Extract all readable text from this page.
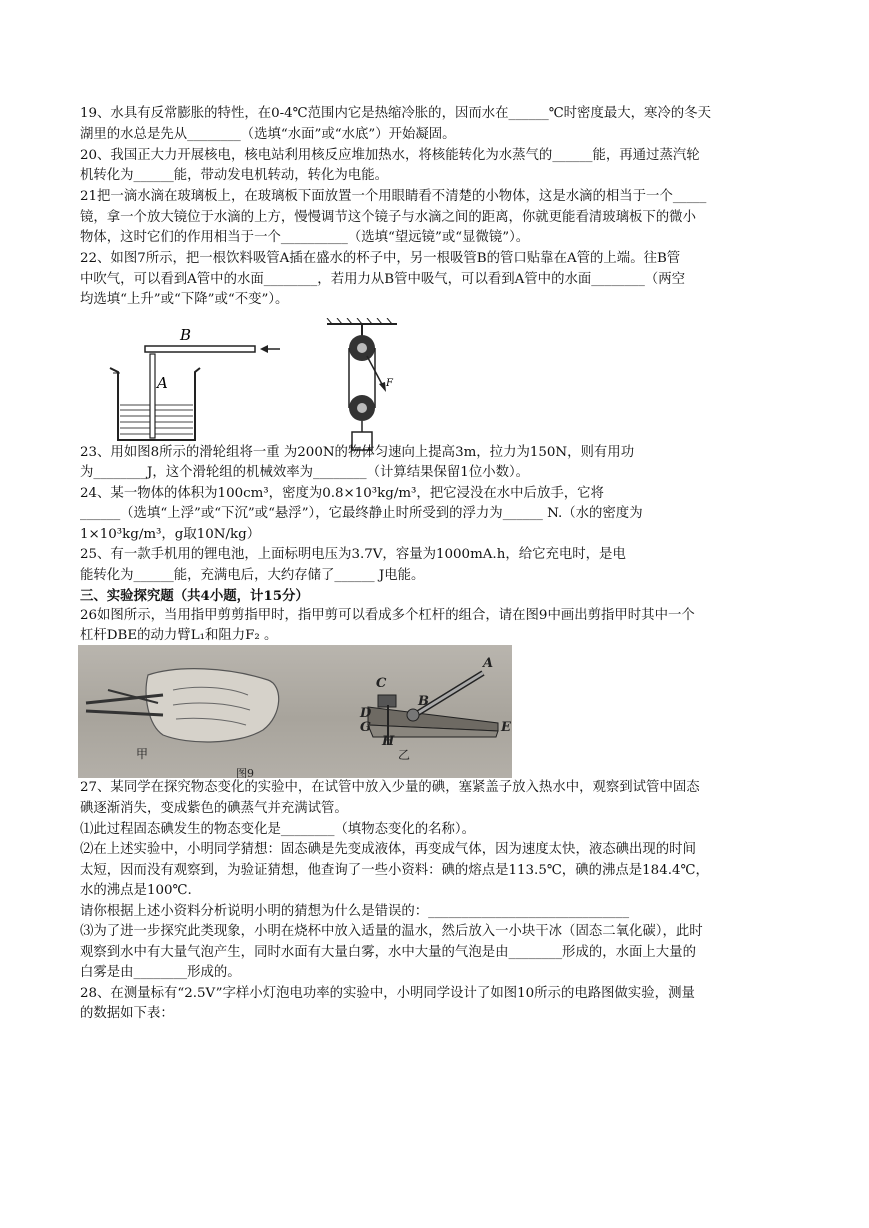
19、水具有反常膨胀的特性，在0-4℃范围内它是热缩冷胀的，因而水在______℃时密度最大，寒冷的冬天
湖里的水总是先从________（选填“水面”或“水底”）开始凝固。
20、我国正大力开展核电，核电站利用核反应堆加热水，将核能转化为水蒸气的______能，再通过蒸汽轮
机转化为______能，带动发电机转动，转化为电能。
21把一滴水滴在玻璃板上，在玻璃板下面放置一个用眼睛看不清楚的小物体，这是水滴的相当于一个_____
镜，拿一个放大镜位于水滴的上方，慢慢调节这个镜子与水滴之间的距离，你就更能看清玻璃板下的微小
物体，这时它们的作用相当于一个__________（选填“望远镜”或“显微镜”）。
22、如图7所示，把一根饮料吸管A插在盛水的杯子中，另一根吸管B的管口贴靠在A管的上端。往B管
中吹气，可以看到A管中的水面________，若用力从B管中吸气，可以看到A管中的水面________（两空
均选填“上升”或“下降”或“不变”）。
B
A	F
23、用如图8所示的滑轮组将一重 为200N的物体匀速向上提高3m，拉力为150N，则有用功
为________J，这个滑轮组的机械效率为________（计算结果保留1位小数）。
24、某一物体的体积为100cm³，密度为0.8×10³kg/m³，把它浸没在水中后放手，它将
______（选填“上浮”或“下沉”或“悬浮”），它最终静止时所受到的浮力为______ N.（水的密度为
1×10³kg/m³，g取10N/kg）
25、有一款手机用的锂电池，上面标明电压为3.7V，容量为1000mA.h，给它充电时，是电
能转化为______能，充满电后，大约存储了______ J电能。
三、实验探究题（共4小题，计15分）
26如图所示，当用指甲剪剪指甲时，指甲剪可以看成多个杠杆的组合，请在图9中画出剪指甲时其中一个
杠杆DBE的动力臂L₁和阻力F₂ 。
甲
图9
A
B
C
D
G
H
E
乙
27、某同学在探究物态变化的实验中，在试管中放入少量的碘，塞紧盖子放入热水中，观察到试管中固态
碘逐渐消失，变成紫色的碘蒸气并充满试管。
⑴此过程固态碘发生的物态变化是________（填物态变化的名称）。
⑵在上述实验中，小明同学猜想：固态碘是先变成液体，再变成气体，因为速度太快，液态碘出现的时间
太短，因而没有观察到，为验证猜想，他查询了一些小资料：碘的熔点是113.5℃，碘的沸点是184.4℃，
水的沸点是100℃.
请你根据上述小资料分析说明小明的猜想为什么是错误的：______________________________
⑶为了进一步探究此类现象，小明在烧杯中放入适量的温水，然后放入一小块干冰（固态二氧化碳），此时
观察到水中有大量气泡产生，同时水面有大量白雾，水中大量的气泡是由________形成的，水面上大量的
白雾是由________形成的。
28、在测量标有“2.5V”字样小灯泡电功率的实验中，小明同学设计了如图10所示的电路图做实验，测量
的数据如下表：
